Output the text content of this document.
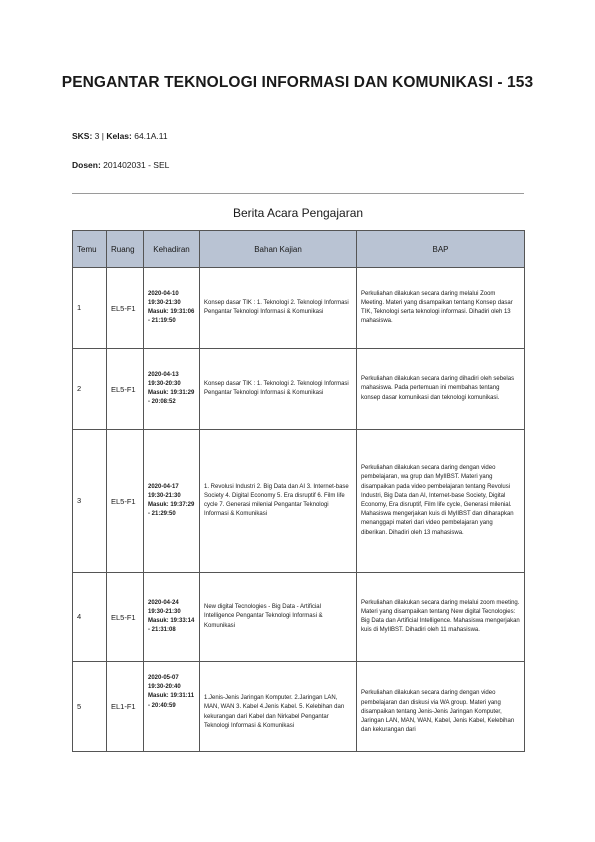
PENGANTAR TEKNOLOGI INFORMASI DAN KOMUNIKASI - 153
SKS: 3 | Kelas: 64.1A.11
Dosen: 201402031 - SEL
Berita Acara Pengajaran
Temu	Ruang	Kehadiran	Bahan Kajian	BAP
1	EL5-F1	2020-04-10 19:30-21:30 Masuk: 19:31:06 - 21:19:50	Konsep dasar TIK : 1. Teknologi 2. Teknologi Informasi Pengantar Teknologi Informasi & Komunikasi	Perkuliahan dilakukan secara daring melalui Zoom Meeting. Materi yang disampaikan tentang Konsep dasar TIK, Teknologi serta teknologi informasi. Dihadiri oleh 13 mahasiswa.
2	EL5-F1	2020-04-13 19:30-20:30 Masuk: 19:31:29 - 20:08:52	Konsep dasar TIK : 1. Teknologi 2. Teknologi Informasi Pengantar Teknologi Informasi & Komunikasi	Perkuliahan dilakukan secara daring dihadiri oleh sebelas mahasiswa. Pada pertemuan ini membahas tentang konsep dasar komunikasi dan teknologi komunikasi.
3	EL5-F1	2020-04-17 19:30-21:30 Masuk: 19:37:29 - 21:29:50	1. Revolusi Industri 2. Big Data dan AI 3. Internet-base Society 4. Digital Economy 5. Era disruptif 6. Film life cycle 7. Generasi milenial Pengantar Teknologi Informasi & Komunikasi	Perkuliahan dilakukan secara daring dengan video pembelajaran, wa grup dan MyIIBST. Materi yang disampaikan pada video pembelajaran tentang Revolusi Industri, Big Data dan AI, Internet-base Society, Digital Economy, Era disruptif, Film life cycle, Generasi milenial. Mahasiswa mengerjakan kuis di MyIIBST dan diharapkan menanggapi materi dari video pembelajaran yang diberikan. Dihadiri oleh 13 mahasiswa.
4	EL5-F1	2020-04-24 19:30-21:30 Masuk: 19:33:14 - 21:31:08	New digital Tecnologies - Big Data - Artificial Intelligence Pengantar Teknologi Informasi & Komunikasi	Perkuliahan dilakukan secara daring melalui zoom meeting. Materi yang disampaikan tentang New digital Tecnologies: Big Data dan Artificial Intelligence. Mahasiswa mengerjakan kuis di MyIIBST. Dihadiri oleh 11 mahasiswa.
5	EL1-F1	2020-05-07 19:30-20:40 Masuk: 19:31:11 - 20:40:59	1.Jenis-Jenis Jaringan Komputer. 2.Jaringan LAN, MAN, WAN 3. Kabel 4.Jenis Kabel. 5. Kelebihan dan kekurangan dari Kabel dan Nirkabel Pengantar Teknologi Informasi & Komunikasi	Perkuliahan dilakukan secara daring dengan video pembelajaran dan diskusi via WA group. Materi yang disampaikan tentang Jenis-Jenis Jaringan Komputer, Jaringan LAN, MAN, WAN, Kabel, Jenis Kabel, Kelebihan dan kekurangan dari
